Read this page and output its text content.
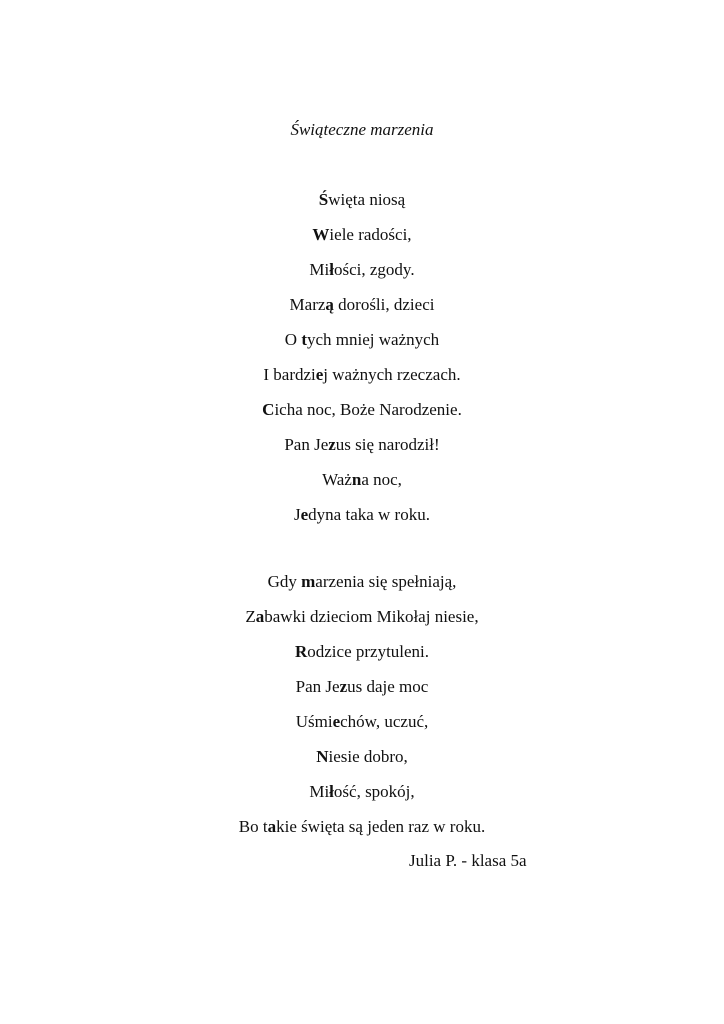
Świąteczne marzenia
Święta niosą
Wiele radości,
Miłości, zgody.
Marzą dorośli, dzieci
O tych mniej ważnych
I bardziej ważnych rzeczach.
Cicha noc, Boże Narodzenie.
Pan Jezus się narodził!
Ważna noc,
Jedyna taka w roku.
Gdy marzenia się spełniają,
Zabawki dzieciom Mikołaj niesie,
Rodzice przytuleni.
Pan Jezus daje moc
Uśmiechów, uczuć,
Niesie dobro,
Miłość, spokój,
Bo takie święta są jeden raz w roku.
Julia P. - klasa 5a
